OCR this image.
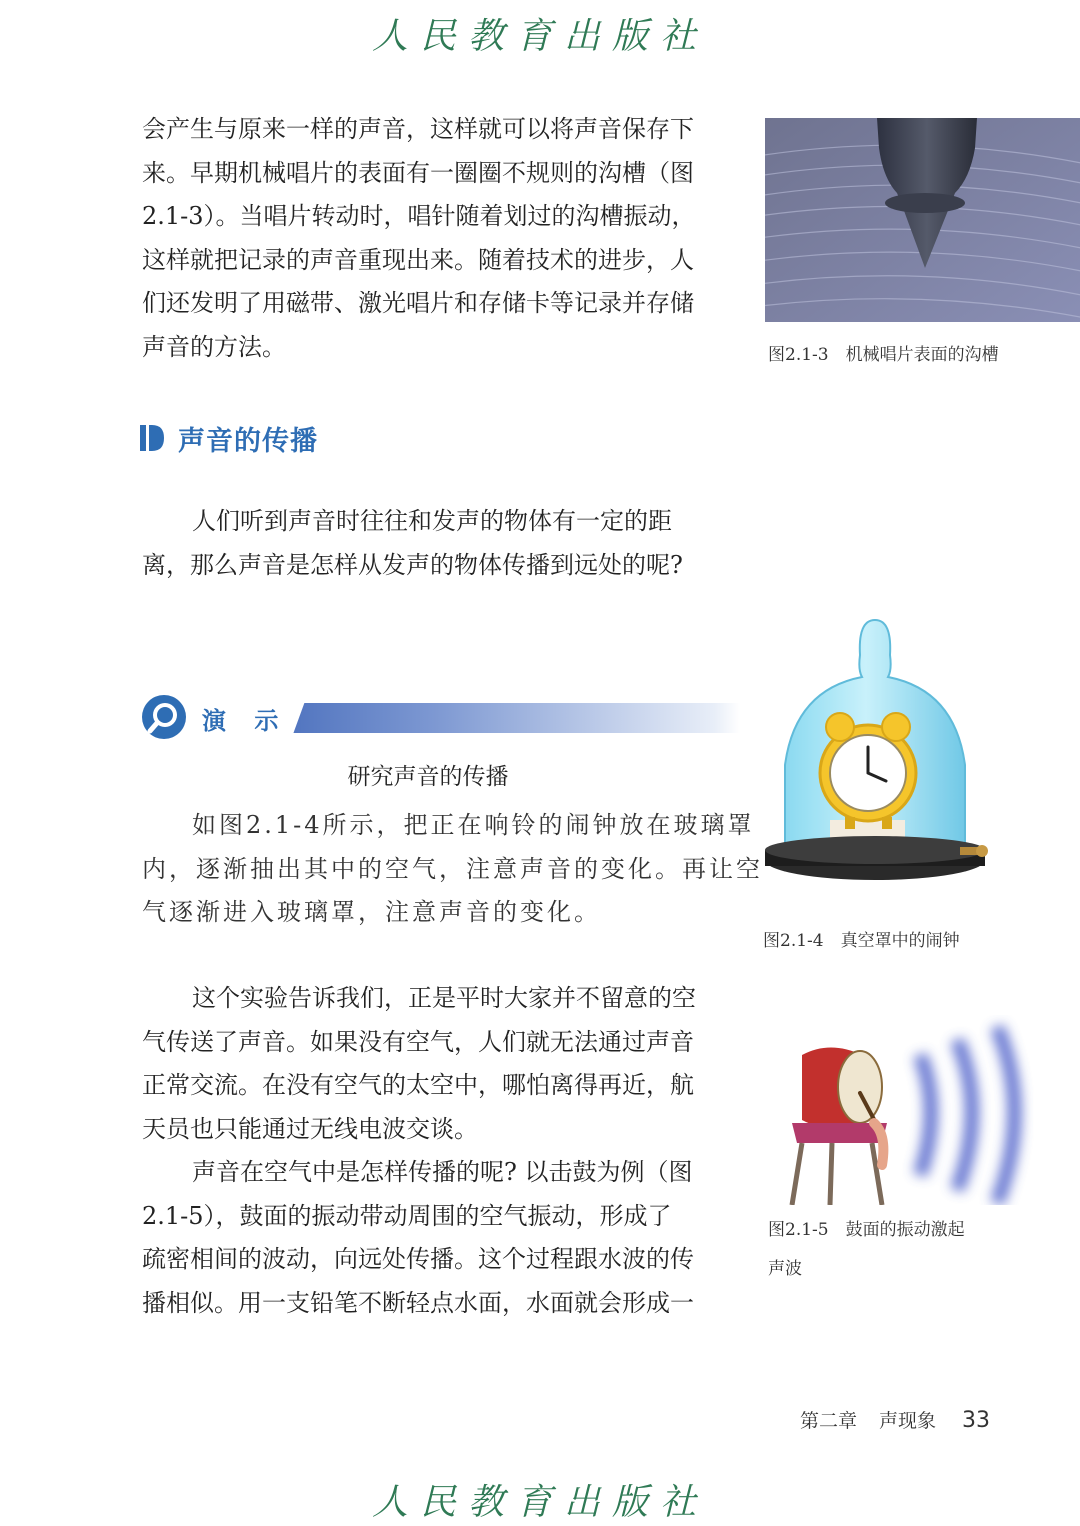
人民教育出版社
会产生与原来一样的声音，这样就可以将声音保存下
来。早期机械唱片的表面有一圈圈不规则的沟槽（图
2.1-3）。当唱片转动时，唱针随着划过的沟槽振动，
这样就把记录的声音重现出来。随着技术的进步，人
们还发明了用磁带、激光唱片和存储卡等记录并存储
声音的方法。	图2.1-3　机械唱片表面的沟槽
声音的传播
人们听到声音时往往和发声的物体有一定的距
离，那么声音是怎样从发声的物体传播到远处的呢?
演 示
研究声音的传播
如图2.1-4所示，把正在响铃的闹钟放在玻璃罩
内，逐渐抽出其中的空气，注意声音的变化。再让空
气逐渐进入玻璃罩，注意声音的变化。
图2.1-4　真空罩中的闹钟
这个实验告诉我们，正是平时大家并不留意的空
气传送了声音。如果没有空气，人们就无法通过声音
正常交流。在没有空气的太空中，哪怕离得再近，航
天员也只能通过无线电波交谈。
声音在空气中是怎样传播的呢? 以击鼓为例（图
2.1-5），鼓面的振动带动周围的空气振动，形成了
疏密相间的波动，向远处传播。这个过程跟水波的传
播相似。用一支铅笔不断轻点水面，水面就会形成一
图2.1-5　鼓面的振动激起
声波
第二章 声现象 33
人民教育出版社
